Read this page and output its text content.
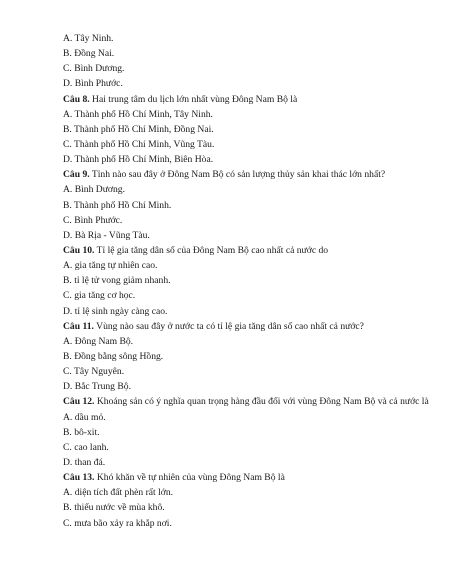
A. Tây Ninh.
B. Đồng Nai.
C. Bình Dương.
D. Bình Phước.
Câu 8. Hai trung tâm du lịch lớn nhất vùng Đông Nam Bộ là
A. Thành phố Hồ Chí Minh, Tây Ninh.
B. Thành phố Hồ Chí Minh, Đồng Nai.
C. Thành phố Hồ Chí Minh, Vũng Tàu.
D. Thành phố Hồ Chí Minh, Biên Hòa.
Câu 9. Tỉnh nào sau đây ở Đông Nam Bộ có sản lượng thủy sản khai thác lớn nhất?
A. Bình Dương.
B. Thành phố Hồ Chí Minh.
C. Bình Phước.
D. Bà Rịa - Vũng Tàu.
Câu 10. Tỉ lệ gia tăng dân số của Đông Nam Bộ cao nhất cả nước do
A. gia tăng tự nhiên cao.
B. tỉ lệ tử vong giảm nhanh.
C. gia tăng cơ học.
D. tỉ lệ sinh ngày càng cao.
Câu 11. Vùng nào sau đây ở nước ta có tỉ lệ gia tăng dân số cao nhất cả nước?
A. Đông Nam Bộ.
B. Đồng bằng sông Hồng.
C. Tây Nguyên.
D. Bắc Trung Bộ.
Câu 12. Khoáng sản có ý nghĩa quan trọng hàng đầu đối với vùng Đông Nam Bộ và cả nước là
A. dầu mỏ.
B. bô-xit.
C. cao lanh.
D. than đá.
Câu 13. Khó khăn về tự nhiên của vùng Đông Nam Bộ là
A. diện tích đất phèn rất lớn.
B. thiếu nước về mùa khô.
C. mưa bão xảy ra khắp nơi.
